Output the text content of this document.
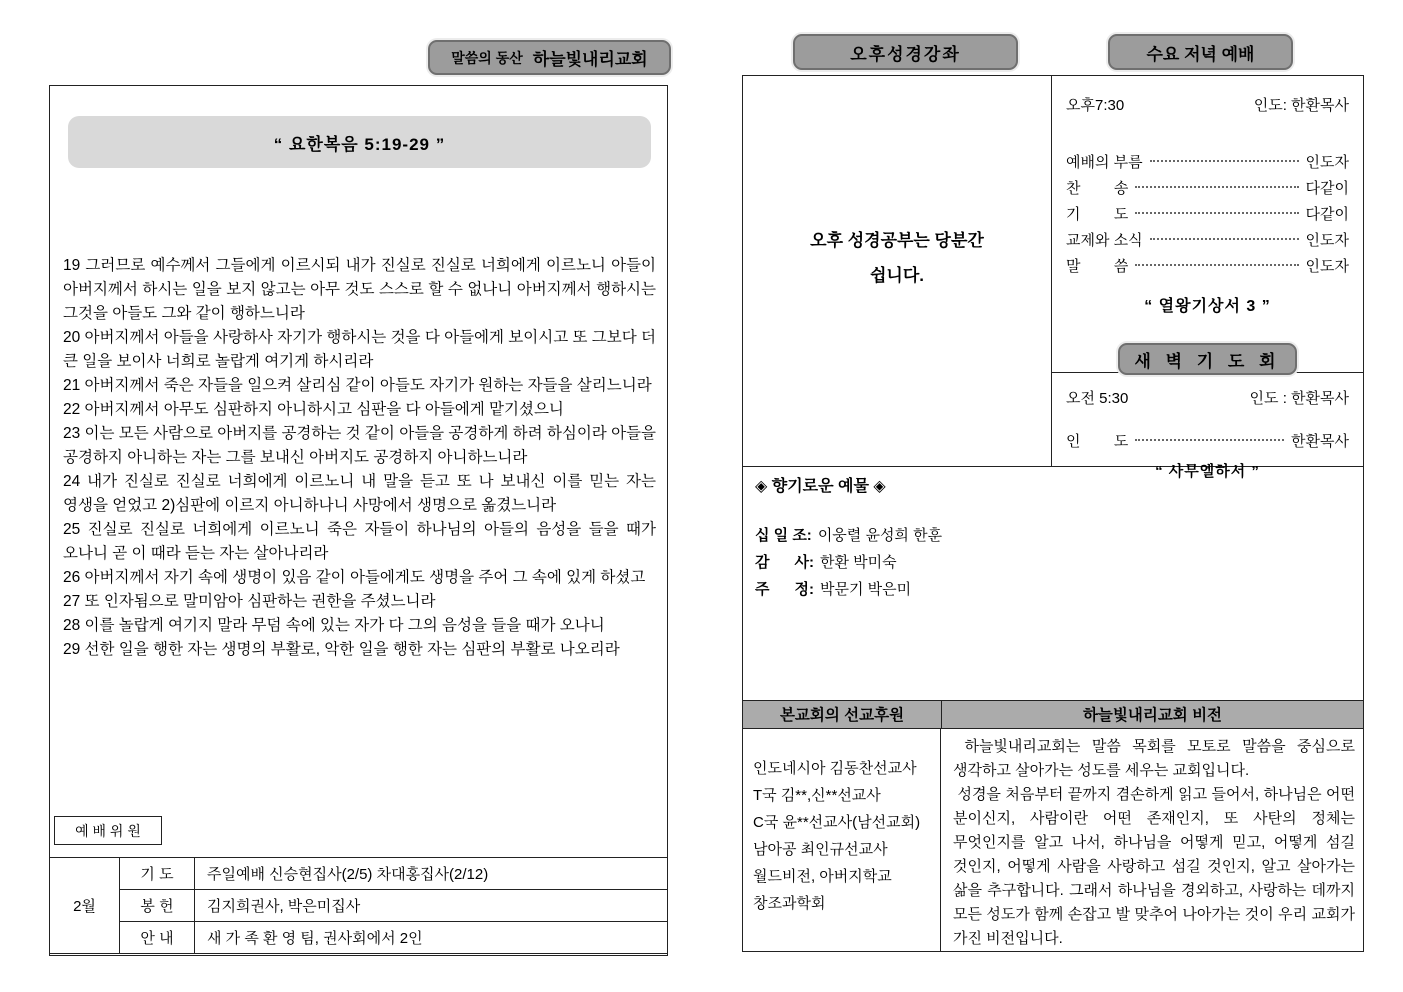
말씀의 동산 하늘빛내리교회
“ 요한복음 5:19-29 ”

19 그러므로 예수께서 그들에게 이르시되 내가 진실로 진실로 너희에게 이르노니 아들이 아버지께서 하시는 일을 보지 않고는 아무 것도 스스로 할 수 없나니 아버지께서 행하시는 그것을 아들도 그와 같이 행하느니라

20 아버지께서 아들을 사랑하사 자기가 행하시는 것을 다 아들에게 보이시고 또 그보다 더 큰 일을 보이사 너희로 놀랍게 여기게 하시리라

21 아버지께서 죽은 자들을 일으켜 살리심 같이 아들도 자기가 원하는 자들을 살리느니라

22 아버지께서 아무도 심판하지 아니하시고 심판을 다 아들에게 맡기셨으니

23 이는 모든 사람으로 아버지를 공경하는 것 같이 아들을 공경하게 하려 하심이라 아들을 공경하지 아니하는 자는 그를 보내신 아버지도 공경하지 아니하느니라

24 내가 진실로 진실로 너희에게 이르노니 내 말을 듣고 또 나 보내신 이를 믿는 자는 영생을 얻었고 2)심판에 이르지 아니하나니 사망에서 생명으로 옮겼느니라

25 진실로 진실로 너희에게 이르노니 죽은 자들이 하나님의 아들의 음성을 들을 때가 오나니 곧 이 때라 듣는 자는 살아나리라

26 아버지께서 자기 속에 생명이 있음 같이 아들에게도 생명을 주어 그 속에 있게 하셨고

27 또 인자됨으로 말미암아 심판하는 권한을 주셨느니라

28 이를 놀랍게 여기지 말라 무덤 속에 있는 자가 다 그의 음성을 들을 때가 오나니

29 선한 일을 행한 자는 생명의 부활로, 악한 일을 행한 자는 심판의 부활로 나오리라

예 배 위 원
2월	기 도	주일예배 신승현집사(2/5) 차대홍집사(2/12)
	봉 헌	김지희권사, 박은미집사
	안 내	새 가 족 환 영 팀, 권사회에서 2인
오후성경강좌	수요 저녁 예배
오후 성경공부는 당분간
쉽니다.
오후7:30	인도: 한환목사
예배의 부름	인도자
찬        송	다같이
기        도	다같이
교제와 소식	인도자
말        씀	인도자
“ 열왕기상서 3 ”
새 벽 기 도 회
오전 5:30	인도 : 한환목사
인        도	한환목사
“ 사무엘하서 ”
◈ 향기로운 예물 ◈
십 일 조: 이웅렬 윤성희 한훈
감      사: 한환 박미숙
주      정: 박문기 박은미
본교회의 선교후원	하늘빛내리교회 비전

인도네시아 김동찬선교사

T국 김**,신**선교사

C국 윤**선교사(남선교회)

남아공 최인규선교사

월드비전, 아버지학교

창조과학회

하늘빛내리교회는 말씀 목회를 모토로 말씀을 중심으로 생각하고 살아가는 성도를 세우는 교회입니다.

성경을 처음부터 끝까지 겸손하게 읽고 들어서, 하나님은 어떤 분이신지, 사람이란 어떤 존재인지, 또 사탄의 정체는 무엇인지를 알고 나서, 하나님을 어떻게 믿고, 어떻게 섬길 것인지, 어떻게 사람을 사랑하고 섬길 것인지, 알고 살아가는 삶을 추구합니다. 그래서 하나님을 경외하고, 사랑하는 데까지 모든 성도가 함께 손잡고 발 맞추어 나아가는 것이 우리 교회가 가진 비전입니다.
